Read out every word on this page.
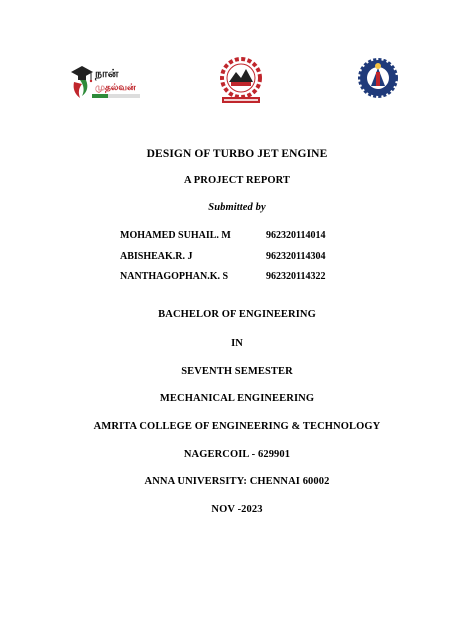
நான்
முதல்வன்
DESIGN OF TURBO JET ENGINE
A PROJECT REPORT
Submitted by
MOHAMED SUHAIL. M	962320114014
ABISHEAK.R. J	962320114304
NANTHAGOPHAN.K. S	962320114322
BACHELOR OF ENGINEERING
IN
SEVENTH SEMESTER
MECHANICAL ENGINEERING
AMRITA COLLEGE OF ENGINEERING & TECHNOLOGY
NAGERCOIL - 629901
ANNA UNIVERSITY: CHENNAI 60002
NOV -2023
